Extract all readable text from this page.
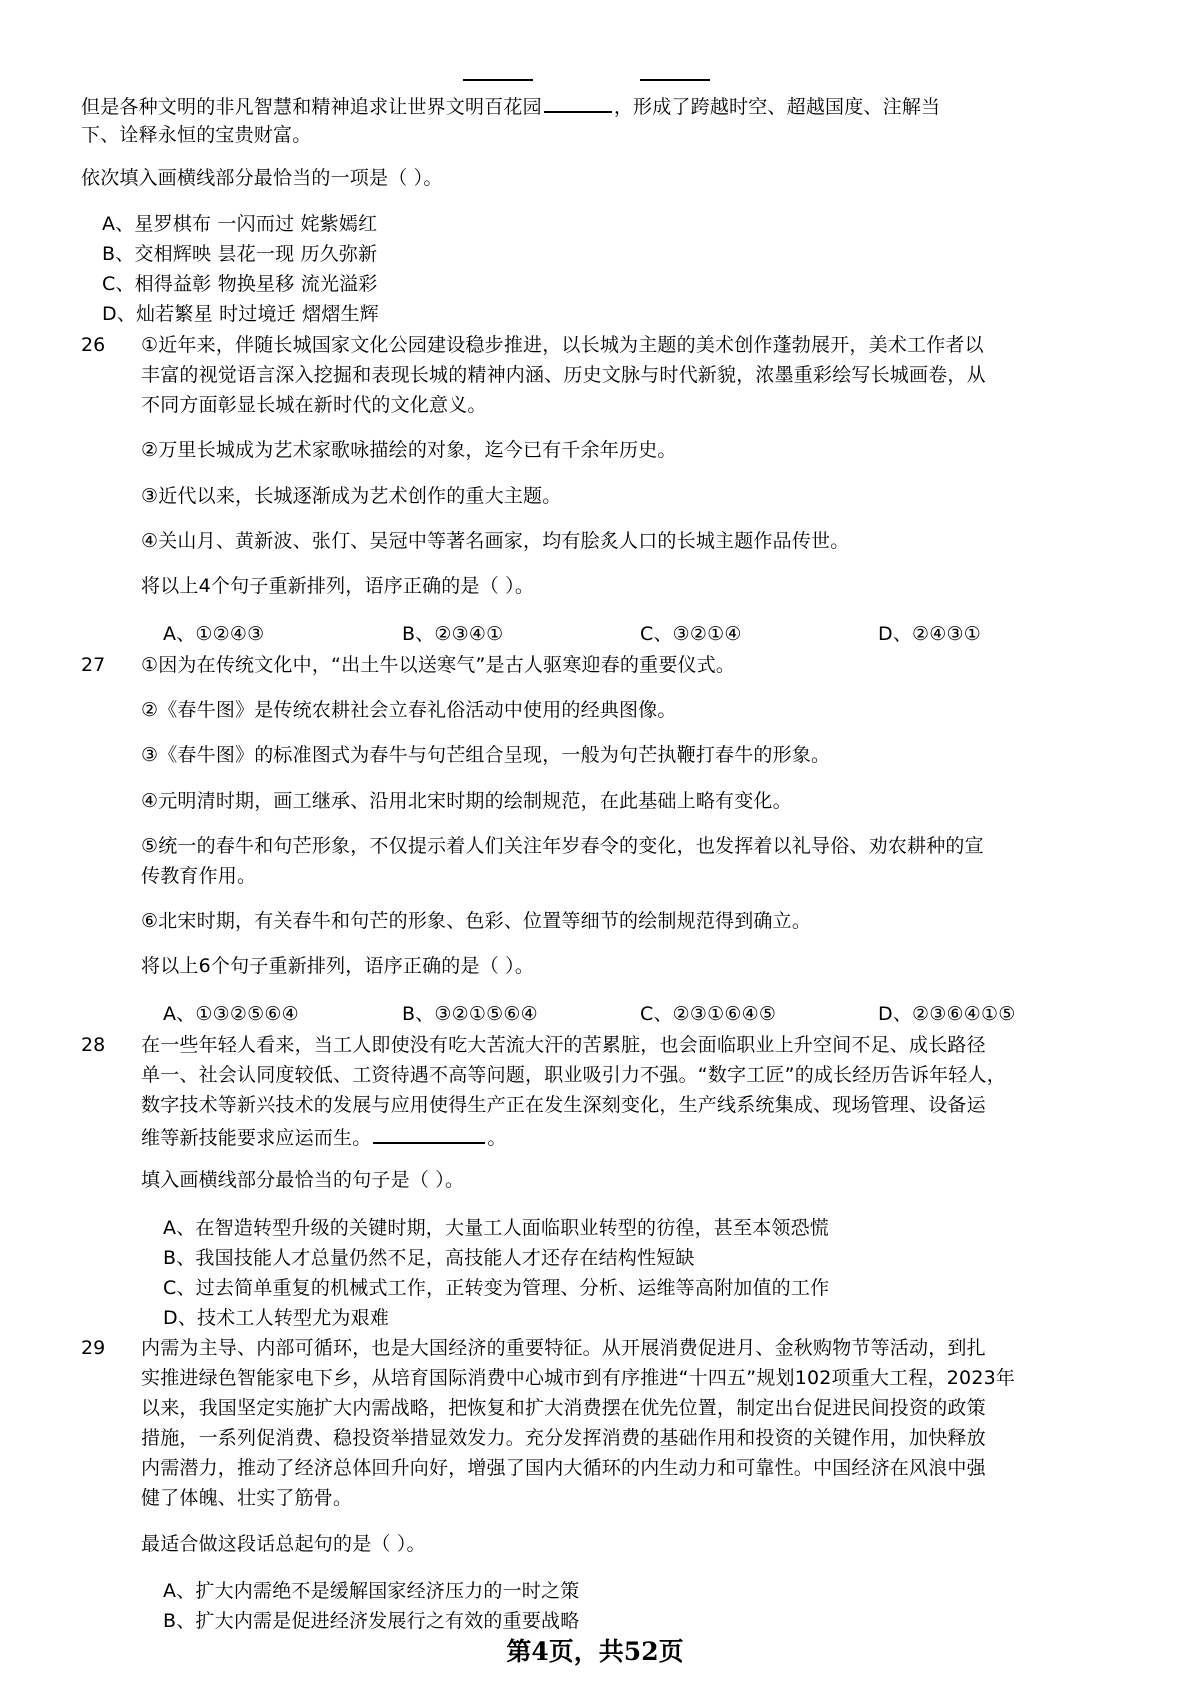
但是各种文明的非凡智慧和精神追求让世界文明百花园	，形成了跨越时空、超越国度、注解当
下、诠释永恒的宝贵财富。
依次填入画横线部分最恰当的一项是（ ）。
A、星罗棋布 一闪而过 姹紫嫣红
B、交相辉映 昙花一现 历久弥新
C、相得益彰 物换星移 流光溢彩
D、灿若繁星 时过境迁 熠熠生辉
26 ①近年来，伴随长城国家文化公园建设稳步推进，以长城为主题的美术创作蓬勃展开，美术工作者以
丰富的视觉语言深入挖掘和表现长城的精神内涵、历史文脉与时代新貌，浓墨重彩绘写长城画卷，从
不同方面彰显长城在新时代的文化意义。
②万里长城成为艺术家歌咏描绘的对象，迄今已有千余年历史。
③近代以来，长城逐渐成为艺术创作的重大主题。
④关山月、黄新波、张仃、吴冠中等著名画家，均有脍炙人口的长城主题作品传世。
将以上4个句子重新排列，语序正确的是（ ）。
A、①②④③	B、②③④①	C、③②①④	D、②④③①
27 ①因为在传统文化中，“出土牛以送寒气”是古人驱寒迎春的重要仪式。
②《春牛图》是传统农耕社会立春礼俗活动中使用的经典图像。
③《春牛图》的标准图式为春牛与句芒组合呈现，一般为句芒执鞭打春牛的形象。
④元明清时期，画工继承、沿用北宋时期的绘制规范，在此基础上略有变化。
⑤统一的春牛和句芒形象，不仅提示着人们关注年岁春令的变化，也发挥着以礼导俗、劝农耕种的宣
传教育作用。
⑥北宋时期，有关春牛和句芒的形象、色彩、位置等细节的绘制规范得到确立。
将以上6个句子重新排列，语序正确的是（ ）。
A、①③②⑤⑥④	B、③②①⑤⑥④	C、②③①⑥④⑤	D、②③⑥④①⑤
28 在一些年轻人看来，当工人即使没有吃大苦流大汗的苦累脏，也会面临职业上升空间不足、成长路径
单一、社会认同度较低、工资待遇不高等问题，职业吸引力不强。“数字工匠”的成长经历告诉年轻人，
数字技术等新兴技术的发展与应用使得生产正在发生深刻变化，生产线系统集成、现场管理、设备运
维等新技能要求应运而生。	。
填入画横线部分最恰当的句子是（ ）。
A、在智造转型升级的关键时期，大量工人面临职业转型的彷徨，甚至本领恐慌
B、我国技能人才总量仍然不足，高技能人才还存在结构性短缺
C、过去简单重复的机械式工作，正转变为管理、分析、运维等高附加值的工作
D、技术工人转型尤为艰难
29 内需为主导、内部可循环，也是大国经济的重要特征。从开展消费促进月、金秋购物节等活动，到扎
实推进绿色智能家电下乡，从培育国际消费中心城市到有序推进“十四五”规划102项重大工程，2023年
以来，我国坚定实施扩大内需战略，把恢复和扩大消费摆在优先位置，制定出台促进民间投资的政策
措施，一系列促消费、稳投资举措显效发力。充分发挥消费的基础作用和投资的关键作用，加快释放
内需潜力，推动了经济总体回升向好，增强了国内大循环的内生动力和可靠性。中国经济在风浪中强
健了体魄、壮实了筋骨。
最适合做这段话总起句的是（ ）。
A、扩大内需绝不是缓解国家经济压力的一时之策
B、扩大内需是促进经济发展行之有效的重要战略
第4页，共52页
